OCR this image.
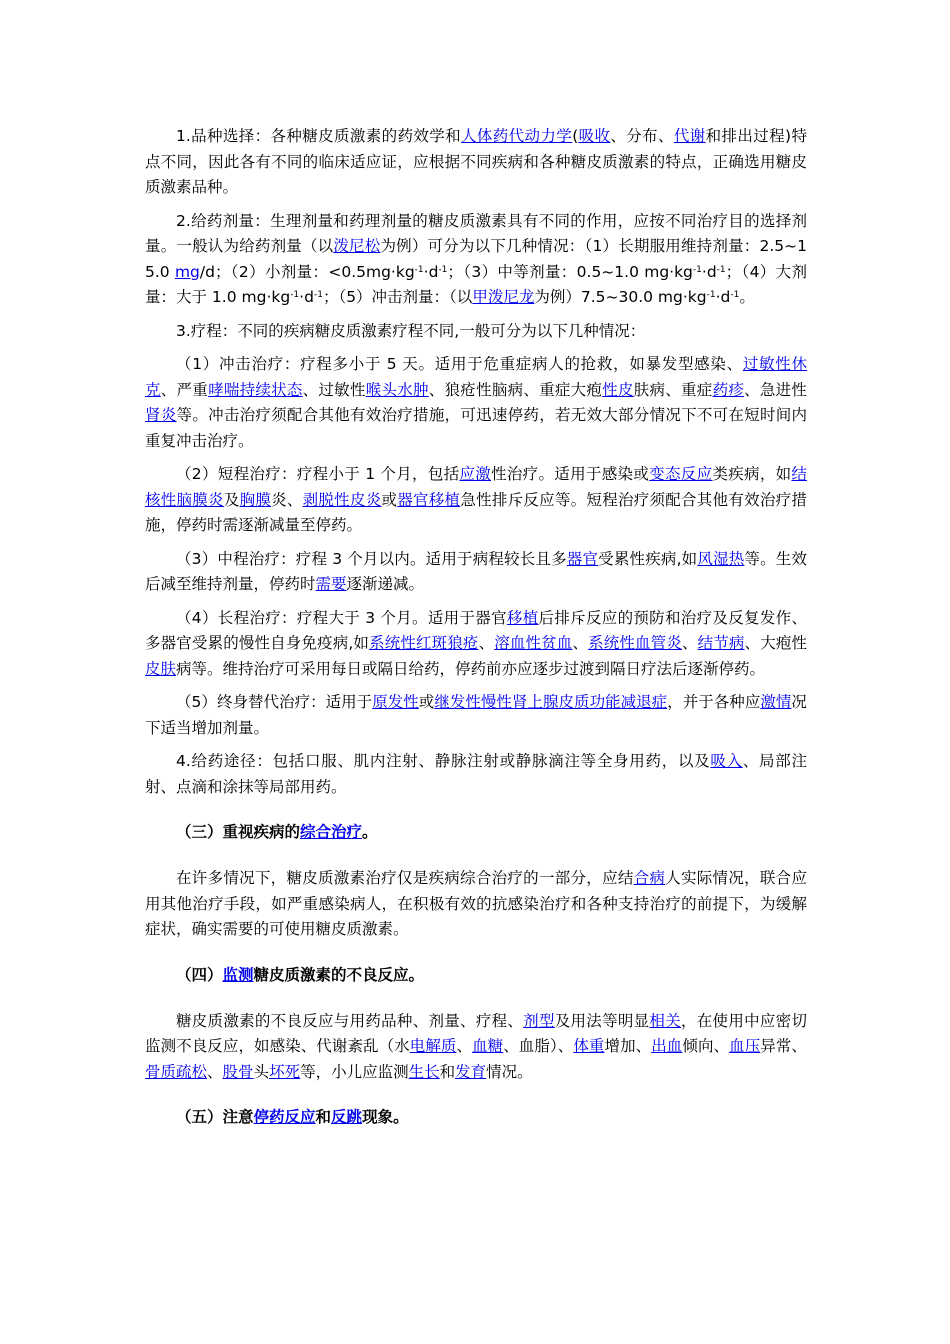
1.品种选择：各种糖皮质激素的药效学和人体药代动力学(吸收、分布、代谢和排出过程)特点不同，因此各有不同的临床适应证，应根据不同疾病和各种糖皮质激素的特点，正确选用糖皮质激素品种。

2.给药剂量：生理剂量和药理剂量的糖皮质激素具有不同的作用，应按不同治疗目的选择剂量。一般认为给药剂量（以泼尼松为例）可分为以下几种情况：（1）长期服用维持剂量：2.5~15.0 mg/d；（2）小剂量：$<0.5mg\cdot kg^{-1}\cdot d^{-1}$；（3）中等剂量：0.5~1.0 $mg\cdot kg^{-1}\cdot d^{-1}$；（4）大剂量：大于 1.0 $mg\cdot kg^{-1}\cdot d^{-1}$；（5）冲击剂量：（以甲泼尼龙为例）7.5~30.0 $mg\cdot kg^{-1}\cdot d^{-1}$。

3.疗程：不同的疾病糖皮质激素疗程不同,一般可分为以下几种情况：

（1）冲击治疗：疗程多小于 5 天。适用于危重症病人的抢救，如暴发型感染、过敏性休克、严重哮喘持续状态、过敏性喉头水肿、狼疮性脑病、重症大疱性皮肤病、重症药疹、急进性肾炎等。冲击治疗须配合其他有效治疗措施，可迅速停药，若无效大部分情况下不可在短时间内重复冲击治疗。

（2）短程治疗：疗程小于 1 个月，包括应激性治疗。适用于感染或变态反应类疾病，如结核性脑膜炎及胸膜炎、剥脱性皮炎或器官移植急性排斥反应等。短程治疗须配合其他有效治疗措施，停药时需逐渐减量至停药。

（3）中程治疗：疗程 3 个月以内。适用于病程较长且多器官受累性疾病,如风湿热等。生效后减至维持剂量，停药时需要逐渐递减。

（4）长程治疗：疗程大于 3 个月。适用于器官移植后排斥反应的预防和治疗及反复发作、多器官受累的慢性自身免疫病,如系统性红斑狼疮、溶血性贫血、系统性血管炎、结节病、大疱性皮肤病等。维持治疗可采用每日或隔日给药，停药前亦应逐步过渡到隔日疗法后逐渐停药。

（5）终身替代治疗：适用于原发性或继发性慢性肾上腺皮质功能减退症，并于各种应激情况下适当增加剂量。

4.给药途径：包括口服、肌内注射、静脉注射或静脉滴注等全身用药，以及吸入、局部注射、点滴和涂抹等局部用药。

（三）重视疾病的综合治疗。

在许多情况下，糖皮质激素治疗仅是疾病综合治疗的一部分，应结合病人实际情况，联合应用其他治疗手段，如严重感染病人，在积极有效的抗感染治疗和各种支持治疗的前提下，为缓解症状，确实需要的可使用糖皮质激素。

（四）监测糖皮质激素的不良反应。

糖皮质激素的不良反应与用药品种、剂量、疗程、剂型及用法等明显相关，在使用中应密切监测不良反应，如感染、代谢紊乱（水电解质、血糖、血脂）、体重增加、出血倾向、血压异常、骨质疏松、股骨头坏死等，小儿应监测生长和发育情况。

（五）注意停药反应和反跳现象。
